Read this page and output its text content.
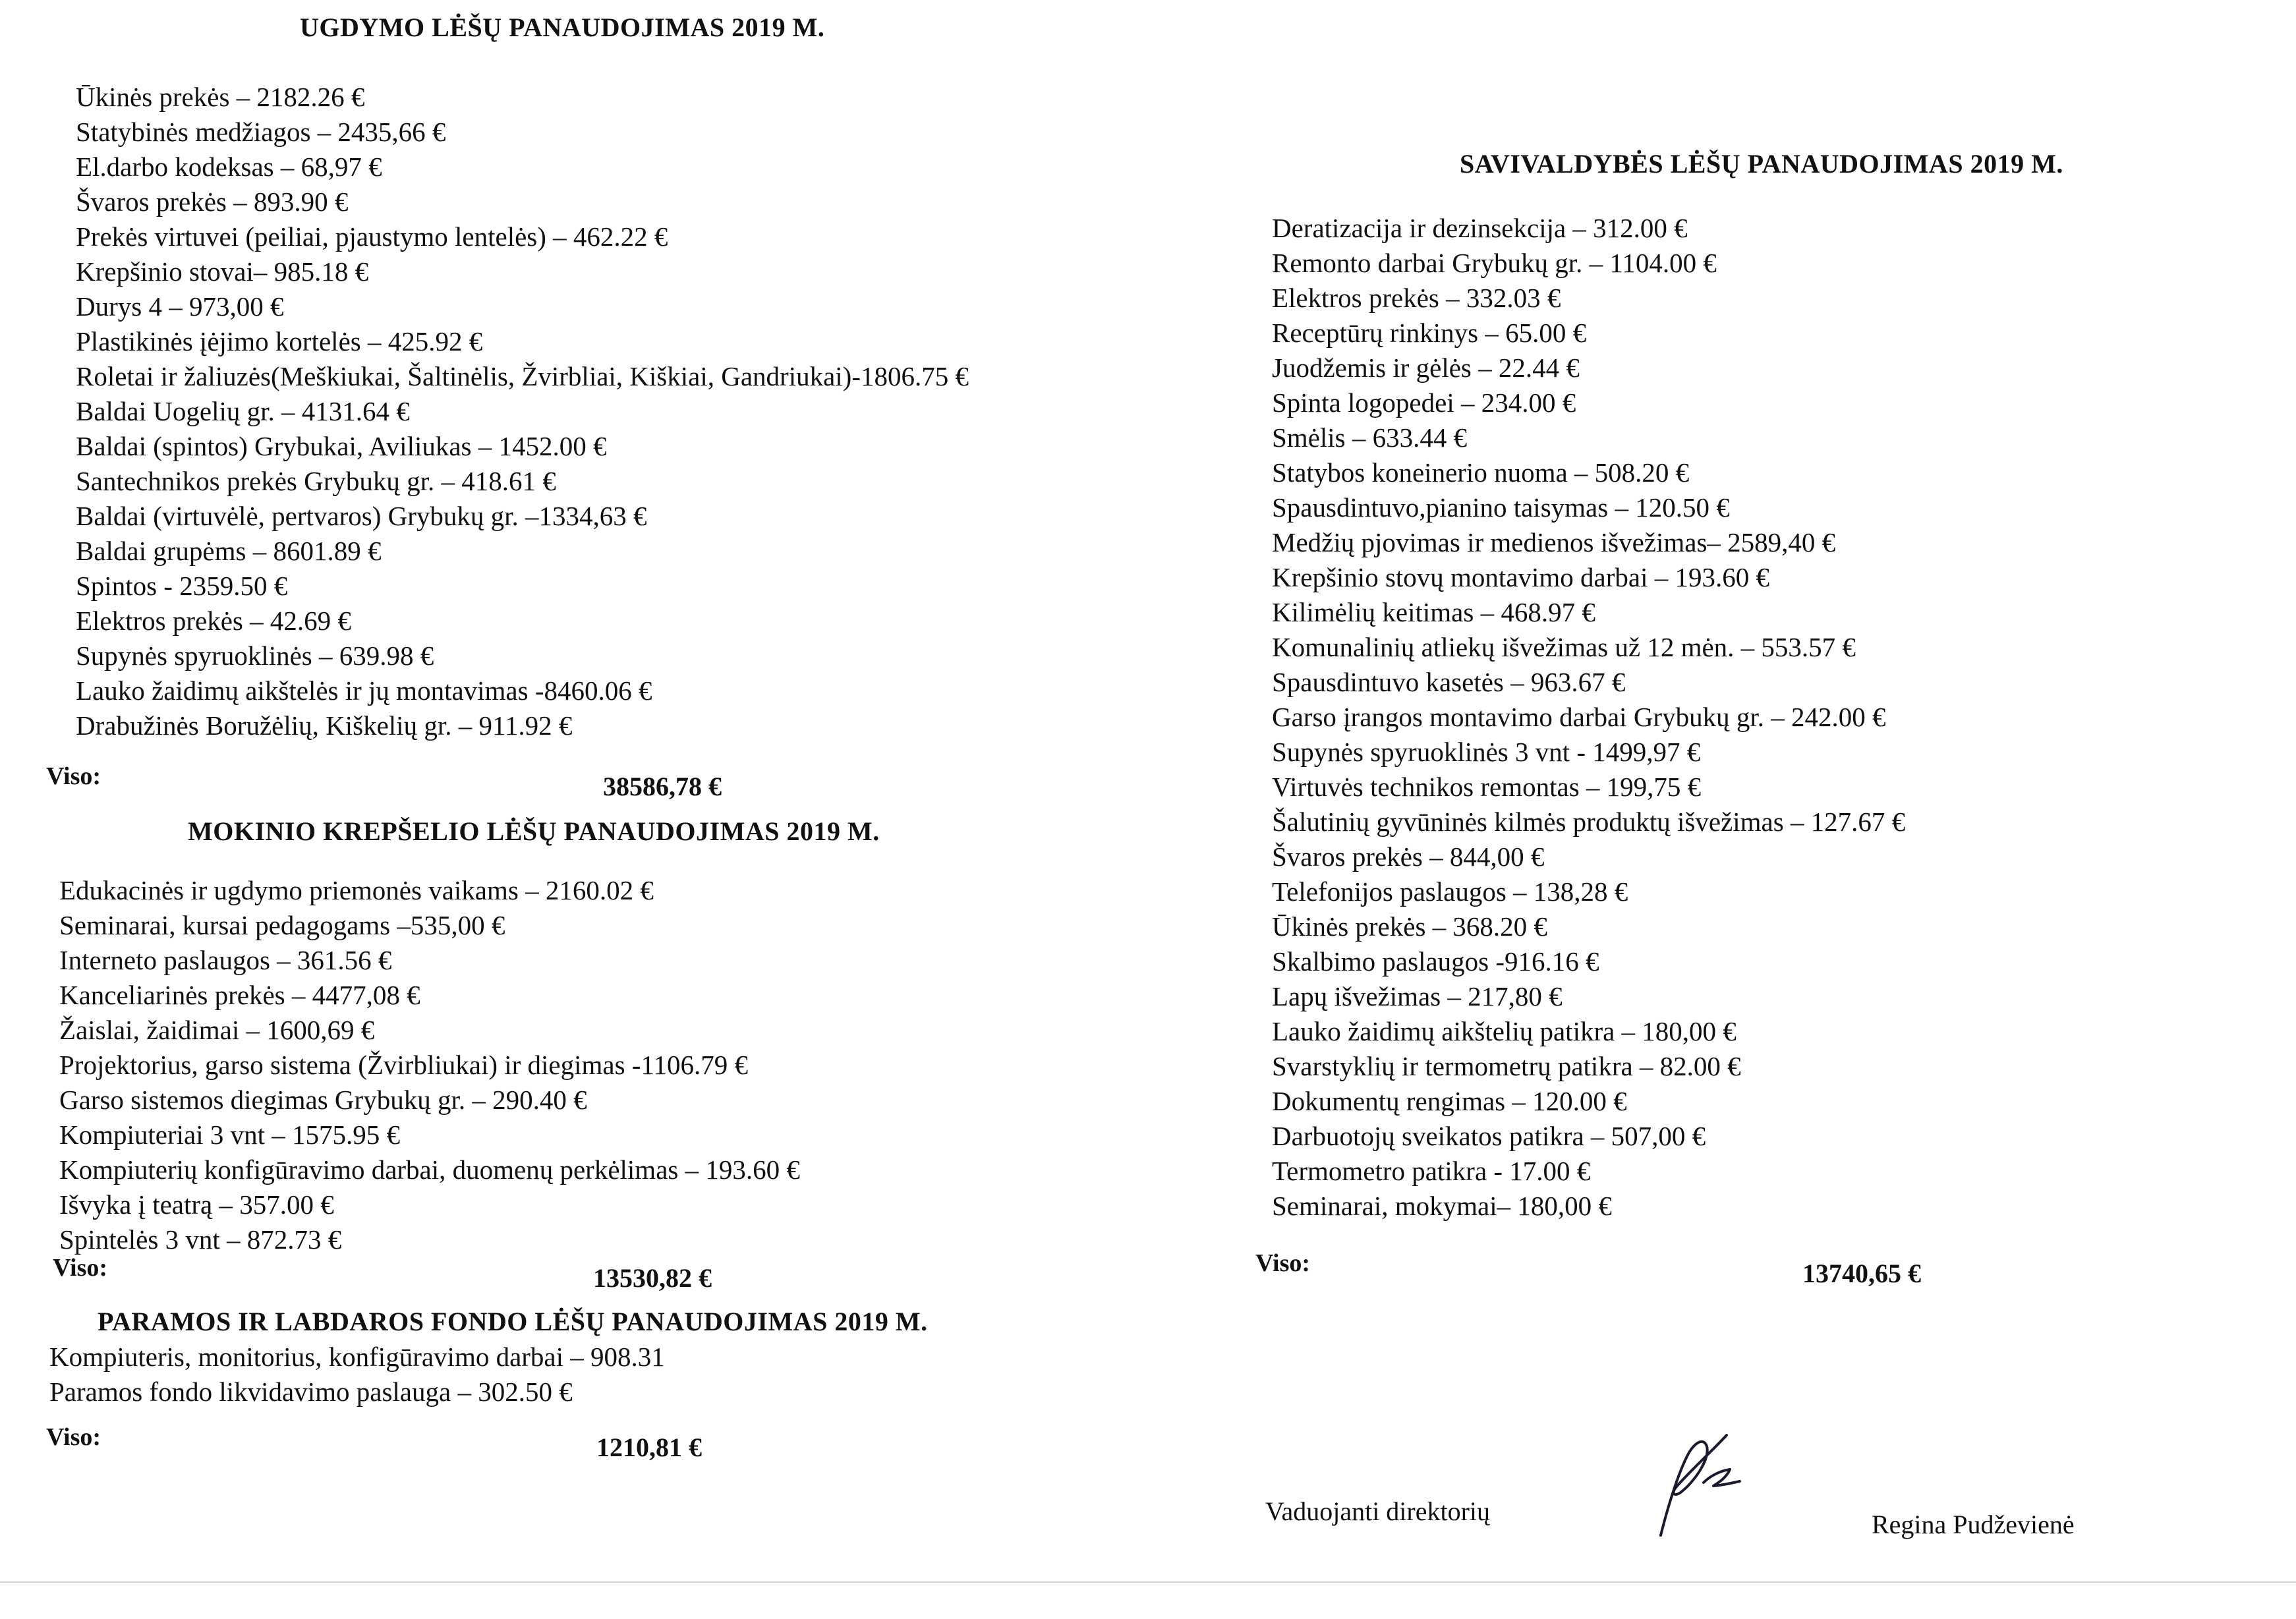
UGDYMO LĖŠŲ PANAUDOJIMAS 2019 M.
Ūkinės prekės – 2182.26 €
Statybinės medžiagos – 2435,66 €
El.darbo kodeksas – 68,97 €
Švaros prekės – 893.90 €
Prekės virtuvei (peiliai, pjaustymo lentelės) – 462.22 €
Krepšinio stovai– 985.18 €
Durys 4 – 973,00 €
Plastikinės įėjimo kortelės – 425.92 €
Roletai ir žaliuzės(Meškiukai, Šaltinėlis, Žvirbliai, Kiškiai, Gandriukai)-1806.75 €
Baldai Uogelių gr. – 4131.64 €
Baldai (spintos) Grybukai, Aviliukas – 1452.00 €
Santechnikos prekės Grybukų gr. – 418.61 €
Baldai (virtuvėlė, pertvaros) Grybukų gr. –1334,63 €
Baldai grupėms – 8601.89 €
Spintos - 2359.50 €
Elektros prekės – 42.69 €
Supynės spyruoklinės – 639.98 €
Lauko žaidimų aikštelės ir jų montavimas -8460.06 €
Drabužinės Boružėlių, Kiškelių gr. – 911.92 €
Viso:	38586,78 €
MOKINIO KREPŠELIO LĖŠŲ PANAUDOJIMAS 2019 M.
Edukacinės ir ugdymo priemonės vaikams – 2160.02 €
Seminarai, kursai pedagogams –535,00 €
Interneto paslaugos – 361.56 €
Kanceliarinės prekės – 4477,08 €
Žaislai, žaidimai – 1600,69 €
Projektorius, garso sistema (Žvirbliukai) ir diegimas -1106.79 €
Garso sistemos diegimas Grybukų gr. – 290.40 €
Kompiuteriai 3 vnt – 1575.95 €
Kompiuterių konfigūravimo darbai, duomenų perkėlimas – 193.60 €
Išvyka į teatrą – 357.00 €
Spintelės 3 vnt – 872.73 €
Viso:	13530,82 €
PARAMOS IR LABDAROS FONDO LĖŠŲ PANAUDOJIMAS 2019 M.
Kompiuteris, monitorius, konfigūravimo darbai – 908.31
Paramos fondo likvidavimo paslauga – 302.50 €
Viso:	1210,81 €
SAVIVALDYBĖS LĖŠŲ PANAUDOJIMAS 2019 M.
Deratizacija ir dezinsekcija – 312.00 €
Remonto darbai Grybukų gr. – 1104.00 €
Elektros prekės – 332.03 €
Receptūrų rinkinys – 65.00 €
Juodžemis ir gėlės – 22.44 €
Spinta logopedei – 234.00 €
Smėlis – 633.44 €
Statybos koneinerio nuoma – 508.20 €
Spausdintuvo,pianino taisymas – 120.50 €
Medžių pjovimas ir medienos išvežimas– 2589,40 €
Krepšinio stovų montavimo darbai – 193.60 €
Kilimėlių keitimas – 468.97 €
Komunalinių atliekų išvežimas už 12 mėn. – 553.57 €
Spausdintuvo kasetės – 963.67 €
Garso įrangos montavimo darbai Grybukų gr. – 242.00 €
Supynės spyruoklinės 3 vnt - 1499,97 €
Virtuvės technikos remontas – 199,75 €
Šalutinių gyvūninės kilmės produktų išvežimas – 127.67 €
Švaros prekės – 844,00 €
Telefonijos paslaugos – 138,28 €
Ūkinės prekės – 368.20 €
Skalbimo paslaugos -916.16 €
Lapų išvežimas – 217,80 €
Lauko žaidimų aikštelių patikra – 180,00 €
Svarstyklių ir termometrų patikra – 82.00 €
Dokumentų rengimas – 120.00 €
Darbuotojų sveikatos patikra – 507,00 €
Termometro patikra - 17.00 €
Seminarai, mokymai– 180,00 €
Viso:	13740,65 €
Vaduojanti direktorių	Regina Pudževienė
